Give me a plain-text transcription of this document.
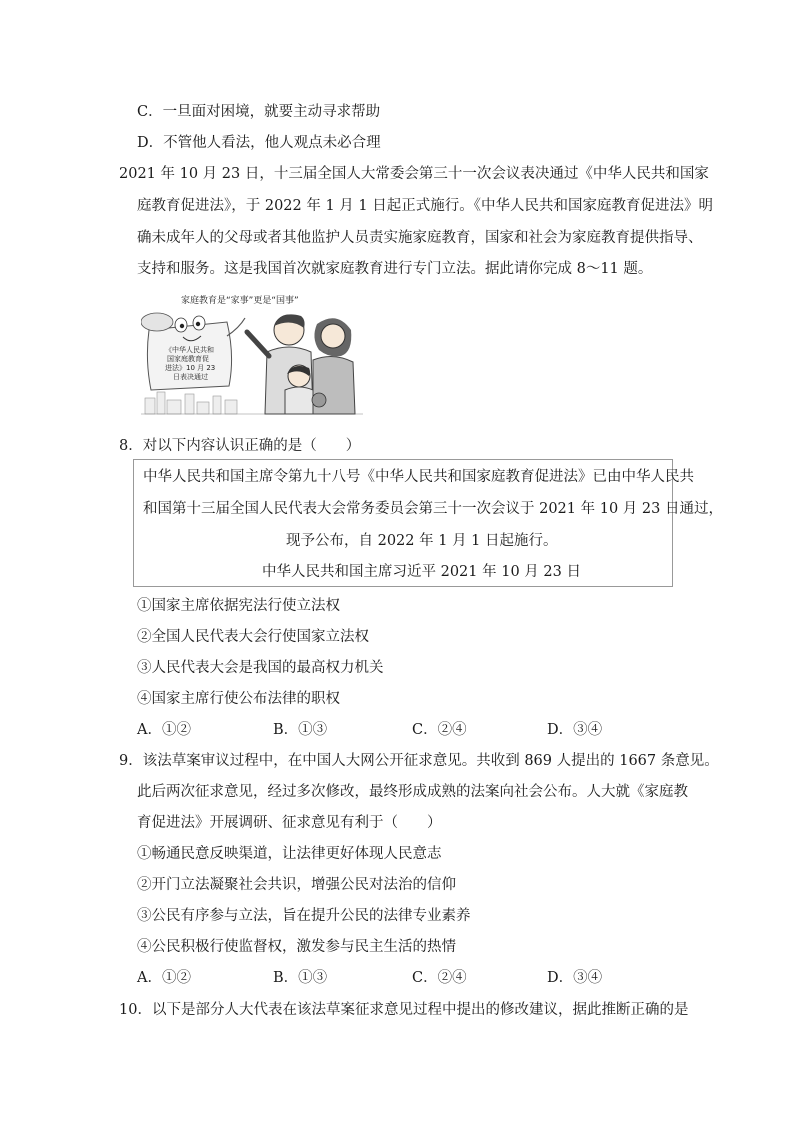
C．一旦面对困境，就要主动寻求帮助
D．不管他人看法，他人观点未必合理
2021 年 10 月 23 日，十三届全国人大常委会第三十一次会议表决通过《中华人民共和国家
庭教育促进法》，于 2022 年 1 月 1 日起正式施行。《中华人民共和国家庭教育促进法》明
确未成年人的父母或者其他监护人员责实施家庭教育，国家和社会为家庭教育提供指导、
支持和服务。这是我国首次就家庭教育进行专门立法。据此请你完成 8～11 题。
家庭教育是“家事”更是“国事”
《中华人民共和
国家庭教育促
进法》10 月 23
日表决通过
8．对以下内容认识正确的是（　　）
中华人民共和国主席令第九十八号《中华人民共和国家庭教育促进法》已由中华人民共
和国第十三届全国人民代表大会常务委员会第三十一次会议于 2021 年 10 月 23 日通过，
现予公布，自 2022 年 1 月 1 日起施行。
中华人民共和国主席习近平 2021 年 10 月 23 日
①国家主席依据宪法行使立法权
②全国人民代表大会行使国家立法权
③人民代表大会是我国的最高权力机关
④国家主席行使公布法律的职权
A．①②	B．①③	C．②④	D．③④
9．该法草案审议过程中，在中国人大网公开征求意见。共收到 869 人提出的 1667 条意见。
此后两次征求意见，经过多次修改，最终形成成熟的法案向社会公布。人大就《家庭教
育促进法》开展调研、征求意见有利于（　　）
①畅通民意反映渠道，让法律更好体现人民意志
②开门立法凝聚社会共识，增强公民对法治的信仰
③公民有序参与立法，旨在提升公民的法律专业素养
④公民积极行使监督权，激发参与民主生活的热情
A．①②	B．①③	C．②④	D．③④
10．以下是部分人大代表在该法草案征求意见过程中提出的修改建议，据此推断正确的是
